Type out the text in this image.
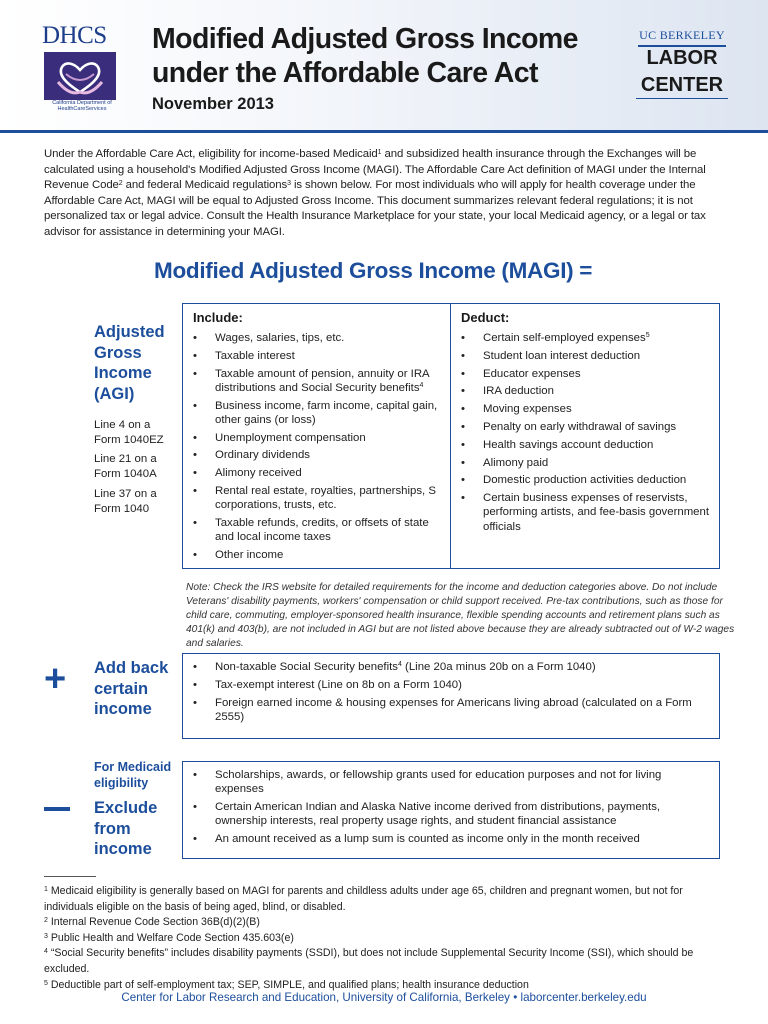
DHCS
California Department of HealthCareServices
Modified Adjusted Gross Income
under the Affordable Care Act
November 2013
UC BERKELEY
LABOR
CENTER
Under the Affordable Care Act, eligibility for income-based Medicaid$^1$ and subsidized health insurance through the Exchanges will be calculated using a household's Modified Adjusted Gross Income (MAGI). The Affordable Care Act definition of MAGI under the Internal Revenue Code$^2$ and federal Medicaid regulations$^3$ is shown below. For most individuals who will apply for health coverage under the Affordable Care Act, MAGI will be equal to Adjusted Gross Income. This document summarizes relevant federal regulations; it is not personalized tax or legal advice. Consult the Health Insurance Marketplace for your state, your local Medicaid agency, or a legal or tax advisor for assistance in determining your MAGI.
Modified Adjusted Gross Income (MAGI) =
Adjusted
Gross
Income
(AGI)
Line 4 on a
Form 1040EZ
Line 21 on a
Form 1040A
Line 37 on a
Form 1040
Include:
• Wages, salaries, tips, etc.
• Taxable interest
• Taxable amount of pension, annuity or IRA distributions and Social Security benefits$^4$
• Business income, farm income, capital gain, other gains (or loss)
• Unemployment compensation
• Ordinary dividends
• Alimony received
• Rental real estate, royalties, partnerships, S corporations, trusts, etc.
• Taxable refunds, credits, or offsets of state and local income taxes
• Other income
Deduct:
• Certain self-employed expenses$^5$
• Student loan interest deduction
• Educator expenses
• IRA deduction
• Moving expenses
• Penalty on early withdrawal of savings
• Health savings account deduction
• Alimony paid
• Domestic production activities deduction
• Certain business expenses of reservists, performing artists, and fee-basis government officials
Note: Check the IRS website for detailed requirements for the income and deduction categories above. Do not include Veterans' disability payments, workers' compensation or child support received. Pre-tax contributions, such as those for child care, commuting, employer-sponsored health insurance, flexible spending accounts and retirement plans such as 401(k) and 403(b), are not included in AGI but are not listed above because they are already subtracted out of W-2 wages and salaries.
+ Add back
certain
income
• Non-taxable Social Security benefits$^4$ (Line 20a minus 20b on a Form 1040)
• Tax-exempt interest (Line on 8b on a Form 1040)
• Foreign earned income & housing expenses for Americans living abroad (calculated on a Form 2555)
For Medicaid
eligibility
Exclude
from
income
• Scholarships, awards, or fellowship grants used for education purposes and not for living expenses
• Certain American Indian and Alaska Native income derived from distributions, payments, ownership interests, real property usage rights, and student financial assistance
• An amount received as a lump sum is counted as income only in the month received
$^1$ Medicaid eligibility is generally based on MAGI for parents and childless adults under age 65, children and pregnant women, but not for individuals eligible on the basis of being aged, blind, or disabled.
$^2$ Internal Revenue Code Section 36B(d)(2)(B)
$^3$ Public Health and Welfare Code Section 435.603(e)
$^4$ “Social Security benefits” includes disability payments (SSDI), but does not include Supplemental Security Income (SSI), which should be excluded.
$^5$ Deductible part of self-employment tax; SEP, SIMPLE, and qualified plans; health insurance deduction
Center for Labor Research and Education, University of California, Berkeley • laborcenter.berkeley.edu
